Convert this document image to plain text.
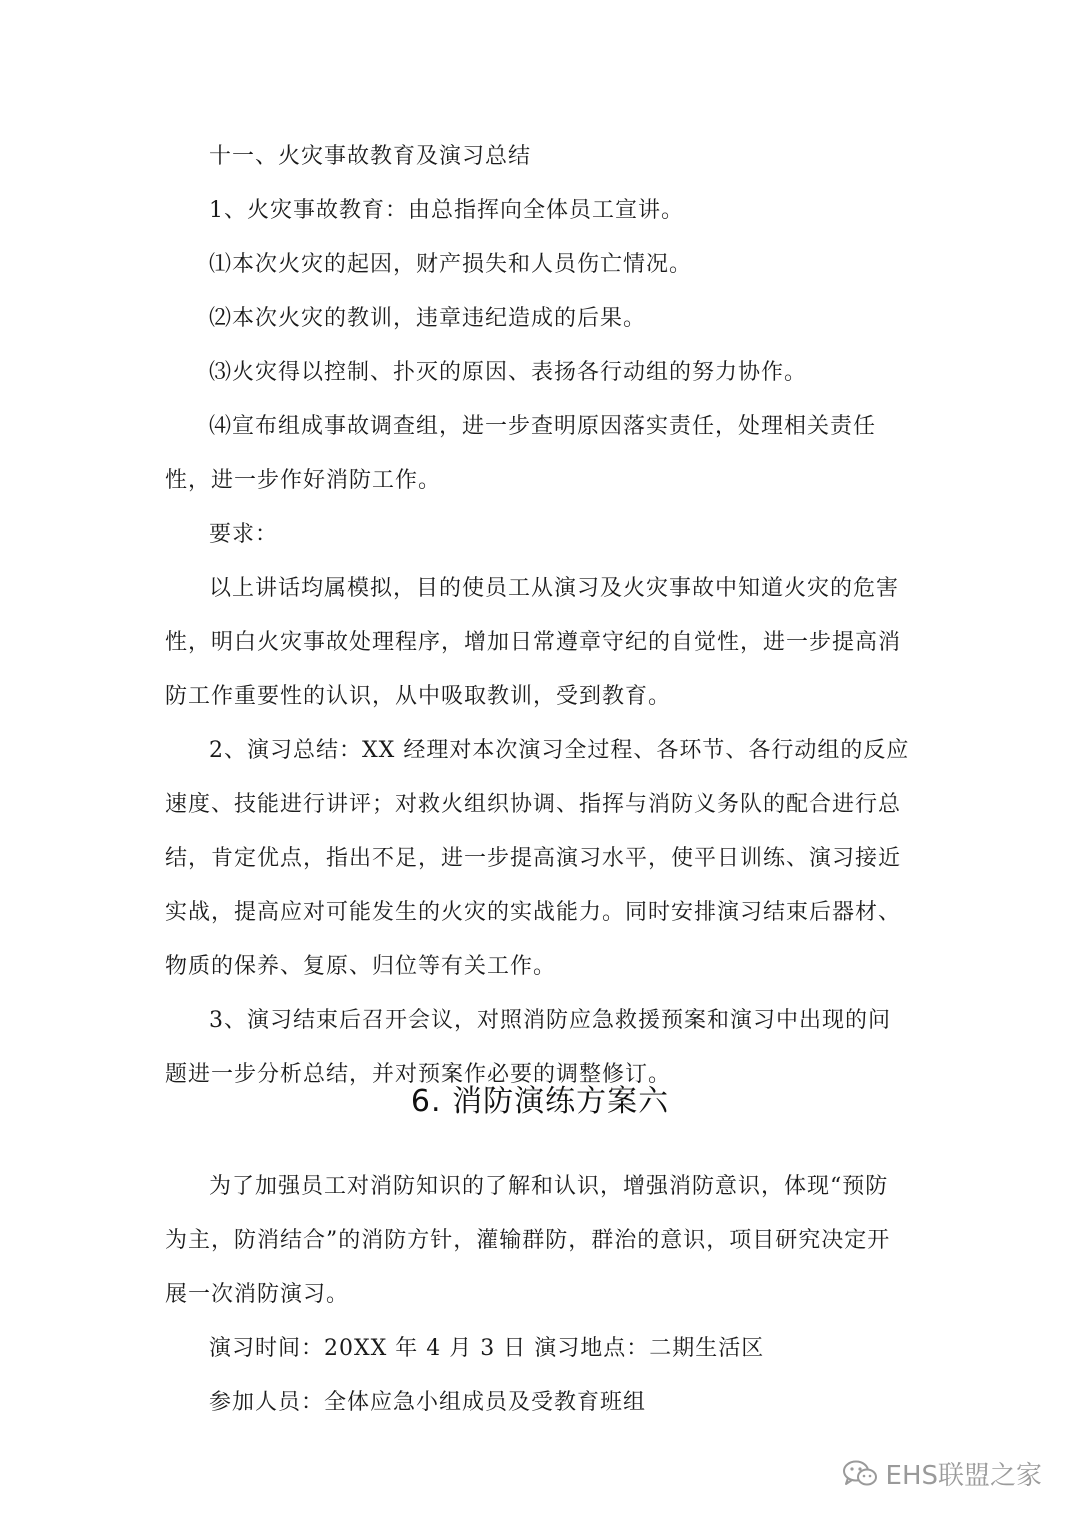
十一、火灾事故教育及演习总结

1、火灾事故教育：由总指挥向全体员工宣讲。

⑴本次火灾的起因，财产损失和人员伤亡情况。

⑵本次火灾的教训，违章违纪造成的后果。

⑶火灾得以控制、扑灭的原因、表扬各行动组的努力协作。

⑷宣布组成事故调查组，进一步查明原因落实责任，处理相关责任性，进一步作好消防工作。

要求：

以上讲话均属模拟，目的使员工从演习及火灾事故中知道火灾的危害性，明白火灾事故处理程序，增加日常遵章守纪的自觉性，进一步提高消防工作重要性的认识，从中吸取教训，受到教育。

2、演习总结：XX 经理对本次演习全过程、各环节、各行动组的反应速度、技能进行讲评；对救火组织协调、指挥与消防义务队的配合进行总结，肯定优点，指出不足，进一步提高演习水平，使平日训练、演习接近实战，提高应对可能发生的火灾的实战能力。同时安排演习结束后器材、物质的保养、复原、归位等有关工作。

3、演习结束后召开会议，对照消防应急救援预案和演习中出现的问题进一步分析总结，并对预案作必要的调整修订。

6. 消防演练方案六

为了加强员工对消防知识的了解和认识，增强消防意识，体现“预防为主，防消结合”的消防方针，灌输群防，群治的意识，项目研究决定开展一次消防演习。

演习时间：20XX 年 4 月 3 日 演习地点：二期生活区

参加人员：全体应急小组成员及受教育班组

EHS联盟之家
